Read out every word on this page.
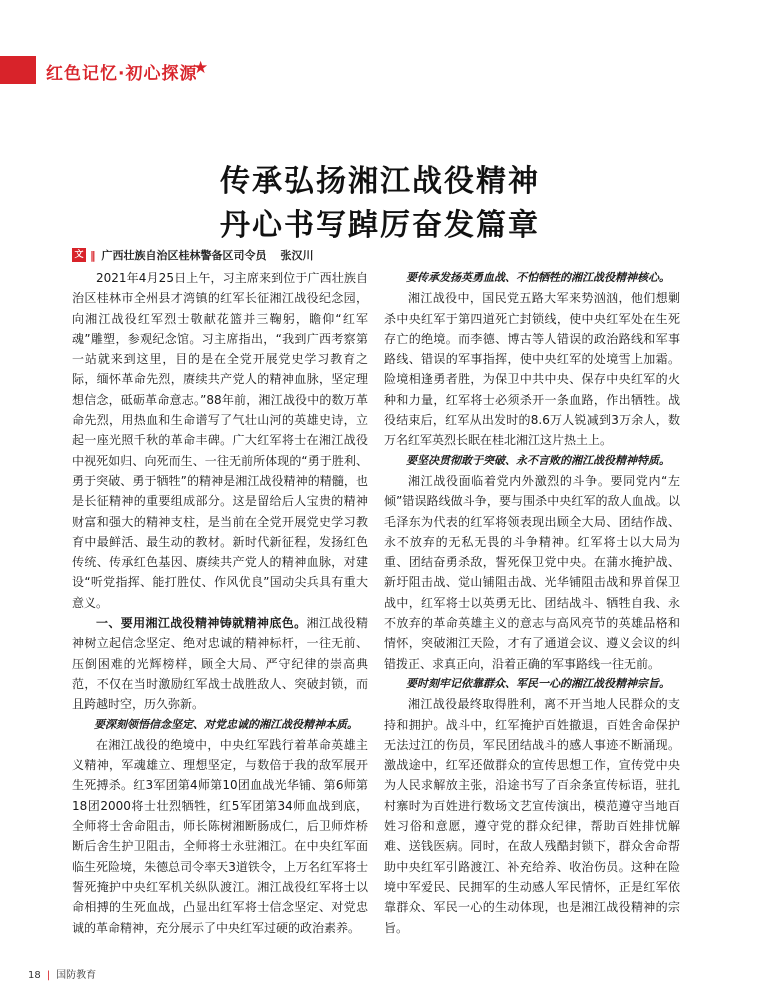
红色记忆·初心探源
★
传承弘扬湘江战役精神
丹心书写踔厉奋发篇章
文 ‖ 广西壮族自治区桂林警备区司令员 张汉川

2021年4月25日上午，习主席来到位于广西壮族自治区桂林市全州县才湾镇的红军长征湘江战役纪念园，向湘江战役红军烈士敬献花篮并三鞠躬，瞻仰“红军魂”雕塑，参观纪念馆。习主席指出，“我到广西考察第一站就来到这里，目的是在全党开展党史学习教育之际，缅怀革命先烈，赓续共产党人的精神血脉，坚定理想信念，砥砺革命意志。”88年前，湘江战役中的数万革命先烈，用热血和生命谱写了气壮山河的英雄史诗，立起一座光照千秋的革命丰碑。广大红军将士在湘江战役中视死如归、向死而生、一往无前所体现的“勇于胜利、勇于突破、勇于牺牲”的精神是湘江战役精神的精髓，也是长征精神的重要组成部分。这是留给后人宝贵的精神财富和强大的精神支柱，是当前在全党开展党史学习教育中最鲜活、最生动的教材。新时代新征程，发扬红色传统、传承红色基因、赓续共产党人的精神血脉，对建设“听党指挥、能打胜仗、作风优良”国动尖兵具有重大意义。

一、要用湘江战役精神铸就精神底色。湘江战役精神树立起信念坚定、绝对忠诚的精神标杆，一往无前、压倒困难的光辉榜样，顾全大局、严守纪律的崇高典范，不仅在当时激励红军战士战胜敌人、突破封锁，而且跨越时空，历久弥新。

要深刻领悟信念坚定、对党忠诚的湘江战役精神本质。

在湘江战役的绝境中，中央红军践行着革命英雄主义精神，军魂雄立、理想坚定，与数倍于我的敌军展开生死搏杀。红3军团第4师第10团血战光华铺、第6师第18团2000将士壮烈牺牲，红5军团第34师血战到底，全师将士舍命阻击，师长陈树湘断肠成仁，后卫师炸桥断后舍生护卫阻击，全师将士永驻湘江。在中央红军面临生死险境，朱德总司令率天3道铁令，上万名红军将士誓死掩护中央红军机关纵队渡江。湘江战役红军将士以命相搏的生死血战，凸显出红军将士信念坚定、对党忠诚的革命精神，充分展示了中央红军过硬的政治素养。

要传承发扬英勇血战、不怕牺牲的湘江战役精神核心。

湘江战役中，国民党五路大军来势汹汹，他们想剿杀中央红军于第四道死亡封锁线，使中央红军处在生死存亡的绝境。而李德、博古等人错误的政治路线和军事路线、错误的军事指挥，使中央红军的处境雪上加霜。险境相逢勇者胜，为保卫中共中央、保存中央红军的火种和力量，红军将士必须杀开一条血路，作出牺牲。战役结束后，红军从出发时的8.6万人锐减到3万余人，数万名红军英烈长眠在桂北湘江这片热土上。

要坚决贯彻敢于突破、永不言败的湘江战役精神特质。

湘江战役面临着党内外激烈的斗争。要同党内“左倾”错误路线做斗争，要与围杀中央红军的敌人血战。以毛泽东为代表的红军将领表现出顾全大局、团结作战、永不放弃的无私无畏的斗争精神。红军将士以大局为重、团结奋勇杀敌，誓死保卫党中央。在蒲水掩护战、新圩阻击战、觉山铺阻击战、光华铺阻击战和界首保卫战中，红军将士以英勇无比、团结战斗、牺牲自我、永不放弃的革命英雄主义的意志与高风亮节的英雄品格和情怀，突破湘江天险，才有了通道会议、遵义会议的纠错拨正、求真正向，沿着正确的军事路线一往无前。

要时刻牢记依靠群众、军民一心的湘江战役精神宗旨。

湘江战役最终取得胜利，离不开当地人民群众的支持和拥护。战斗中，红军掩护百姓撤退，百姓舍命保护无法过江的伤员，军民团结战斗的感人事迹不断涌现。激战途中，红军还做群众的宣传思想工作，宣传党中央为人民求解放主张，沿途书写了百余条宣传标语，驻扎村寨时为百姓进行数场文艺宣传演出，模范遵守当地百姓习俗和意愿，遵守党的群众纪律，帮助百姓排忧解难、送钱医病。同时，在敌人残酷封锁下，群众舍命帮助中央红军引路渡江、补充给养、收治伤员。这种在险境中军爱民、民拥军的生动感人军民情怀，正是红军依靠群众、军民一心的生动体现，也是湘江战役精神的宗旨。

18 | 国防教育
